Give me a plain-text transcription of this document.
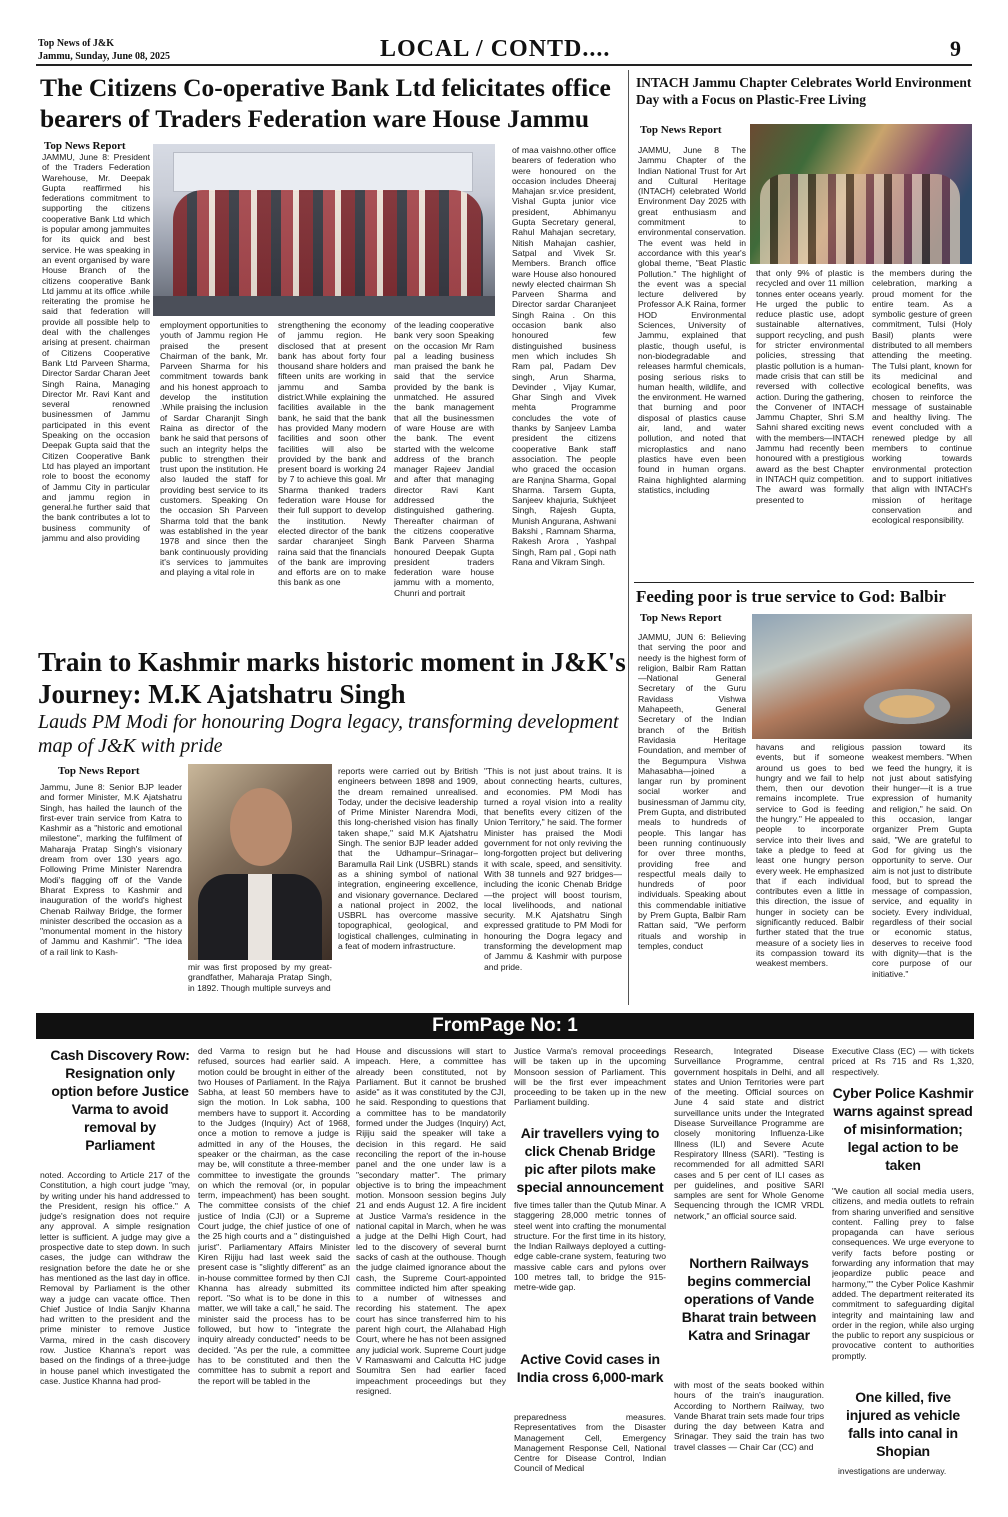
Top News of J&K
Jammu, Sunday, June 08, 2025	LOCAL / CONTD....	9
The Citizens Co-operative Bank Ltd felicitates office bearers of Traders Federation ware House Jammu
Top News Report
JAMMU, June 8: President of the Traders Federation Warehouse, Mr. Deepak Gupta reaffirmed his federations commitment to supporting the citizens cooperative Bank Ltd which is popular among jammuites for its quick and best service. He was speaking in an event organised by ware House Branch of the citizens cooperative Bank Ltd jammu at its office .while reiterating the promise he said that federation will provide all possible help to deal with the challenges arising at present. chairman of Citizens Cooperative Bank Ltd Parveen Sharma, Director Sardar Charan Jeet Singh Raina, Managing Director Mr. Ravi Kant and several renowned businessmen of Jammu participated in this event Speaking on the occasion Deepak Gupta said that the Citizen Cooperative Bank Ltd has played an important role to boost the economy of Jammu City in particular and jammu region in general.he further said that the bank contributes a lot to business community of jammu and also providing
employment opportunities to youth of Jammu region He praised the present Chairman of the bank, Mr. Parveen Sharma for his commitment towards bank and his honest approach to develop the institution .While praising the inclusion of Sardar Charanjit Singh Raina as director of the bank he said that persons of such an integrity helps the public to strengthen their trust upon the institution. He also lauded the staff for providing best service to its customers. Speaking On the occasion Sh Parveen Sharma told that the bank was established in the year 1978 and since then the bank continuously providing it's services to jammuites and playing a vital role in
strengthening the economy of jammu region. He disclosed that at present bank has about forty four thousand share holders and fifteen units are working in jammu and Samba district.While explaining the facilities available in the bank, he said that the bank has provided Many modern facilities and soon other facilities will also be provided by the bank and present board is working 24 by 7 to achieve this goal. Mr Sharma thanked traders federation ware House for their full support to develop the institution. Newly elected director of the bank sardar charanjeet Singh raina said that the financials of the bank are improving and efforts are on to make this bank as one
of the leading cooperative bank very soon Speaking on the occasion Mr Ram pal a leading business man praised the bank he said that the service provided by the bank is unmatched. He assured the bank management that all the businessmen of ware House are with the bank. The event started with the welcome address of the branch manager Rajeev Jandial and after that managing director Ravi Kant addressed the distinguished gathering. Thereafter chairman of the citizens cooperative Bank Parveen Sharma honoured Deepak Gupta president traders federation ware house jammu with a momento, Chunri and portrait
of maa vaishno.other office bearers of federation who were honoured on the occasion includes Dheeraj Mahajan sr.vice president, Vishal Gupta junior vice president, Abhimanyu Gupta Secretary general, Rahul Mahajan secretary, Nitish Mahajan cashier, Satpal and Vivek Sr. Members. Branch office ware House also honoured newly elected chairman Sh Parveen Sharma and Director sardar Charanjeet Singh Raina . On this occasion bank also honoured few distinguished business men which includes Sh Ram pal, Padam Dev singh, Arun Sharma, Devinder , Vijay Kumar, Ghar Singh and Vivek mehta Programme concludes the vote of thanks by Sanjeev Lamba president the citizens cooperative Bank staff association. The people who graced the occasion are Ranjna Sharma, Gopal Sharma. Tarsem Gupta, Sanjeev khajuria, Sukhjeet Singh, Rajesh Gupta, Munish Angurana, Ashwani Bakshi , Ramnam Sharma, Rakesh Arora , Yashpal Singh, Ram pal , Gopi nath Rana and Vikram Singh.
INTACH Jammu Chapter Celebrates World Environment Day with a Focus on Plastic-Free Living
Top News Report
JAMMU, June 8 The Jammu Chapter of the Indian National Trust for Art and Cultural Heritage (INTACH) celebrated World Environment Day 2025 with great enthusiasm and commitment to environmental conservation. The event was held in accordance with this year's global theme, "Beat Plastic Pollution." The highlight of the event was a special lecture delivered by Professor A.K Raina, former HOD Environmental Sciences, University of Jammu, explained that plastic, though useful, is non-biodegradable and releases harmful chemicals, posing serious risks to human health, wildlife, and the environment. He warned that burning and poor disposal of plastics cause air, land, and water pollution, and noted that microplastics and nano plastics have even been found in human organs. Raina highlighted alarming statistics, including
that only 9% of plastic is recycled and over 11 million tonnes enter oceans yearly. He urged the public to reduce plastic use, adopt sustainable alternatives, support recycling, and push for stricter environmental policies, stressing that plastic pollution is a human-made crisis that can still be reversed with collective action. During the gathering, the Convener of INTACH Jammu Chapter, Shri S.M Sahni shared exciting news with the members—INTACH Jammu had recently been honoured with a prestigious award as the best Chapter in INTACH quiz competition. The award was formally presented to
the members during the celebration, marking a proud moment for the entire team. As a symbolic gesture of green commitment, Tulsi (Holy Basil) plants were distributed to all members attending the meeting. The Tulsi plant, known for its medicinal and ecological benefits, was chosen to reinforce the message of sustainable and healthy living. The event concluded with a renewed pledge by all members to continue working towards environmental protection and to support initiatives that align with INTACH's mission of heritage conservation and ecological responsibility.
Feeding poor is true service to God: Balbir
Top News Report
JAMMU, JUN 6: Believing that serving the poor and needy is the highest form of religion, Balbir Ram Rattan—National General Secretary of the Guru Ravidass Vishwa Mahapeeth, General Secretary of the Indian branch of the British Ravidasia Heritage Foundation, and member of the Begumpura Vishwa Mahasabha—joined a langar run by prominent social worker and businessman of Jammu city, Prem Gupta, and distributed meals to hundreds of people. This langar has been running continuously for over three months, providing free and respectful meals daily to hundreds of poor individuals. Speaking about this commendable initiative by Prem Gupta, Balbir Ram Rattan said, "We perform rituals and worship in temples, conduct
havans and religious events, but if someone around us goes to bed hungry and we fail to help them, then our devotion remains incomplete. True service to God is feeding the hungry." He appealed to people to incorporate service into their lives and take a pledge to feed at least one hungry person every week. He emphasized that if each individual contributes even a little in this direction, the issue of hunger in society can be significantly reduced. Balbir further stated that the true measure of a society lies in its compassion toward its weakest members.
passion toward its weakest members. "When we feed the hungry, it is not just about satisfying their hunger—it is a true expression of humanity and religion," he said. On this occasion, langar organizer Prem Gupta said, "We are grateful to God for giving us the opportunity to serve. Our aim is not just to distribute food, but to spread the message of compassion, service, and equality in society. Every individual, regardless of their social or economic status, deserves to receive food with dignity—that is the core purpose of our initiative."
Train to Kashmir marks historic moment in J&K's Journey: M.K Ajatshatru Singh
Lauds PM Modi for honouring Dogra legacy, transforming development map of J&K with pride
Top News Report
Jammu, June 8: Senior BJP leader and former Minister, M.K Ajatshatru Singh, has hailed the launch of the first-ever train service from Katra to Kashmir as a "historic and emotional milestone", marking the fulfilment of Maharaja Pratap Singh's visionary dream from over 130 years ago. Following Prime Minister Narendra Modi's flagging off of the Vande Bharat Express to Kashmir and inauguration of the world's highest Chenab Railway Bridge, the former minister described the occasion as a "monumental moment in the history of Jammu and Kashmir". "The idea of a rail link to Kash-
mir was first proposed by my great-grandfather, Maharaja Pratap Singh, in 1892. Though multiple surveys and
reports were carried out by British engineers between 1898 and 1909, the dream remained unrealised. Today, under the decisive leadership of Prime Minister Narendra Modi, this long-cherished vision has finally taken shape," said M.K Ajatshatru Singh. The senior BJP leader added that the Udhampur–Srinagar–Baramulla Rail Link (USBRL) stands as a shining symbol of national integration, engineering excellence, and visionary governance. Declared a national project in 2002, the USBRL has overcome massive topographical, geological, and logistical challenges, culminating in a feat of modern infrastructure.
"This is not just about trains. It is about connecting hearts, cultures, and economies. PM Modi has turned a royal vision into a reality that benefits every citizen of the Union Territory," he said. The former Minister has praised the Modi government for not only reviving the long-forgotten project but delivering it with scale, speed, and sensitivity. With 38 tunnels and 927 bridges—including the iconic Chenab Bridge—the project will boost tourism, local livelihoods, and national security. M.K Ajatshatru Singh expressed gratitude to PM Modi for honouring the Dogra legacy and transforming the development map of Jammu & Kashmir with purpose and pride.
FromPage No: 1
Cash Discovery Row: Resignation only option before Justice Varma to avoid removal by Parliament
noted. According to Article 217 of the Constitution, a high court judge "may, by writing under his hand addressed to the President, resign his office." A judge's resignation does not require any approval. A simple resignation letter is sufficient. A judge may give a prospective date to step down. In such cases, the judge can withdraw the resignation before the date he or she has mentioned as the last day in office. Removal by Parliament is the other way a judge can vacate office. Then Chief Justice of India Sanjiv Khanna had written to the president and the prime minister to remove Justice Varma, mired in the cash discovery row. Justice Khanna's report was based on the findings of a three-judge in house panel which investigated the case. Justice Khanna had prod-
ded Varma to resign but he had refused, sources had earlier said. A motion could be brought in either of the two Houses of Parliament. In the Rajya Sabha, at least 50 members have to sign the motion. In Lok sabha, 100 members have to support it. According to the Judges (Inquiry) Act of 1968, once a motion to remove a judge is admitted in any of the Houses, the speaker or the chairman, as the case may be, will constitute a three-member committee to investigate the grounds on which the removal (or, in popular term, impeachment) has been sought. The committee consists of the chief justice of India (CJI) or a Supreme Court judge, the chief justice of one of the 25 high courts and a " distinguished jurist". Parliamentary Affairs Minister Kiren Rijiju had last week said the present case is "slightly different" as an in-house committee formed by then CJI Khanna has already submitted its report. "So what is to be done in this matter, we will take a call," he said. The minister said the process has to be followed, but how to "integrate the inquiry already conducted" needs to be decided. "As per the rule, a committee has to be constituted and then the committee has to submit a report and the report will be tabled in the
House and discussions will start to impeach. Here, a committee has already been constituted, not by Parliament. But it cannot be brushed aside" as it was constituted by the CJI, he said. Responding to questions that a committee has to be mandatorily formed under the Judges (Inquiry) Act, Rijiju said the speaker will take a decision in this regard. He said reconciling the report of the in-house panel and the one under law is a "secondary matter". The primary objective is to bring the impeachment motion. Monsoon session begins July 21 and ends August 12. A fire incident at Justice Varma's residence in the national capital in March, when he was a judge at the Delhi High Court, had led to the discovery of several burnt sacks of cash at the outhouse. Though the judge claimed ignorance about the cash, the Supreme Court-appointed committee indicted him after speaking to a number of witnesses and recording his statement. The apex court has since transferred him to his parent high court, the Allahabad High Court, where he has not been assigned any judicial work. Supreme Court judge V Ramaswami and Calcutta HC judge Soumitra Sen had earlier faced impeachment proceedings but they resigned.
Justice Varma's removal proceedings will be taken up in the upcoming Monsoon session of Parliament. This will be the first ever impeachment proceeding to be taken up in the new Parliament building.
Air travellers vying to click Chenab Bridge pic after pilots make special announcement
five times taller than the Qutub Minar. A staggering 28,000 metric tonnes of steel went into crafting the monumental structure. For the first time in its history, the Indian Railways deployed a cutting-edge cable-crane system, featuring two massive cable cars and pylons over 100 metres tall, to bridge the 915-metre-wide gap.
Active Covid cases in India cross 6,000-mark
preparedness measures. Representatives from the Disaster Management Cell, Emergency Management Response Cell, National Centre for Disease Control, Indian Council of Medical
Research, Integrated Disease Surveillance Programme, central government hospitals in Delhi, and all states and Union Territories were part of the meeting. Official sources on June 4 said state and district surveillance units under the Integrated Disease Surveillance Programme are closely monitoring Influenza-Like Illness (ILI) and Severe Acute Respiratory Illness (SARI). "Testing is recommended for all admitted SARI cases and 5 per cent of ILI cases as per guidelines, and positive SARI samples are sent for Whole Genome Sequencing through the ICMR VRDL network," an official source said.
Northern Railways begins commercial operations of Vande Bharat train between Katra and Srinagar
with most of the seats booked within hours of the train's inauguration. According to Northern Railway, two Vande Bharat train sets made four trips during the day between Katra and Srinagar. They said the train has two travel classes — Chair Car (CC) and
Executive Class (EC) — with tickets priced at Rs 715 and Rs 1,320, respectively.
Cyber Police Kashmir warns against spread of misinformation; legal action to be taken
"We caution all social media users, citizens, and media outlets to refrain from sharing unverified and sensitive content. Falling prey to false propaganda can have serious consequences. We urge everyone to verify facts before posting or forwarding any information that may jeopardize public peace and harmony,"" the Cyber Police Kashmir added. The department reiterated its commitment to safeguarding digital integrity and maintaining law and order in the region, while also urging the public to report any suspicious or provocative content to authorities promptly.
One killed, five injured as vehicle falls into canal in Shopian
investigations are underway.
